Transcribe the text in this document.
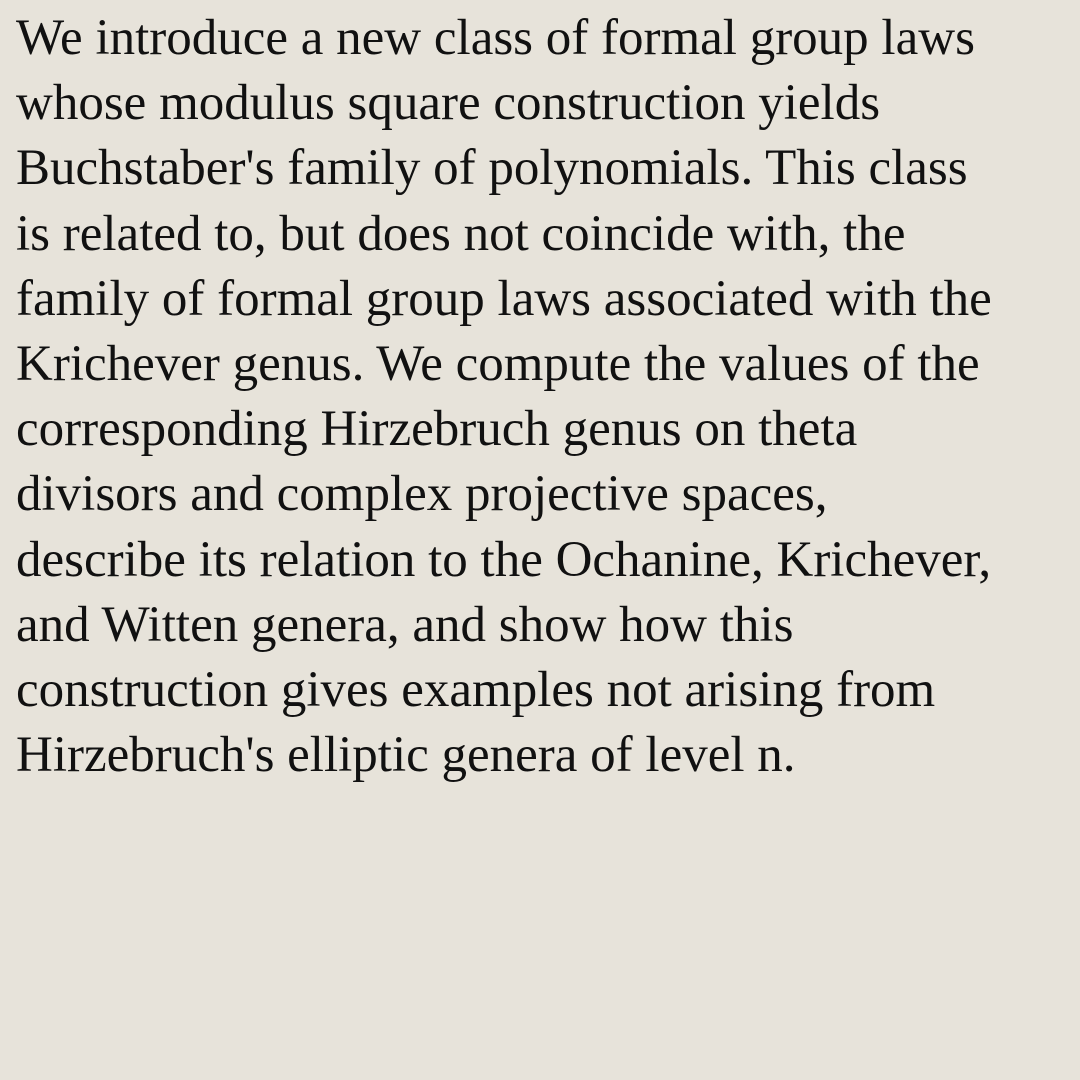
We introduce a new class of formal group laws
whose modulus square construction yields
Buchstaber's family of polynomials. This class
is related to, but does not coincide with, the
family of formal group laws associated with the
Krichever genus. We compute the values of the
corresponding Hirzebruch genus on theta
divisors and complex projective spaces,
describe its relation to the Ochanine, Krichever,
and Witten genera, and show how this
construction gives examples not arising from
Hirzebruch's elliptic genera of level n.
